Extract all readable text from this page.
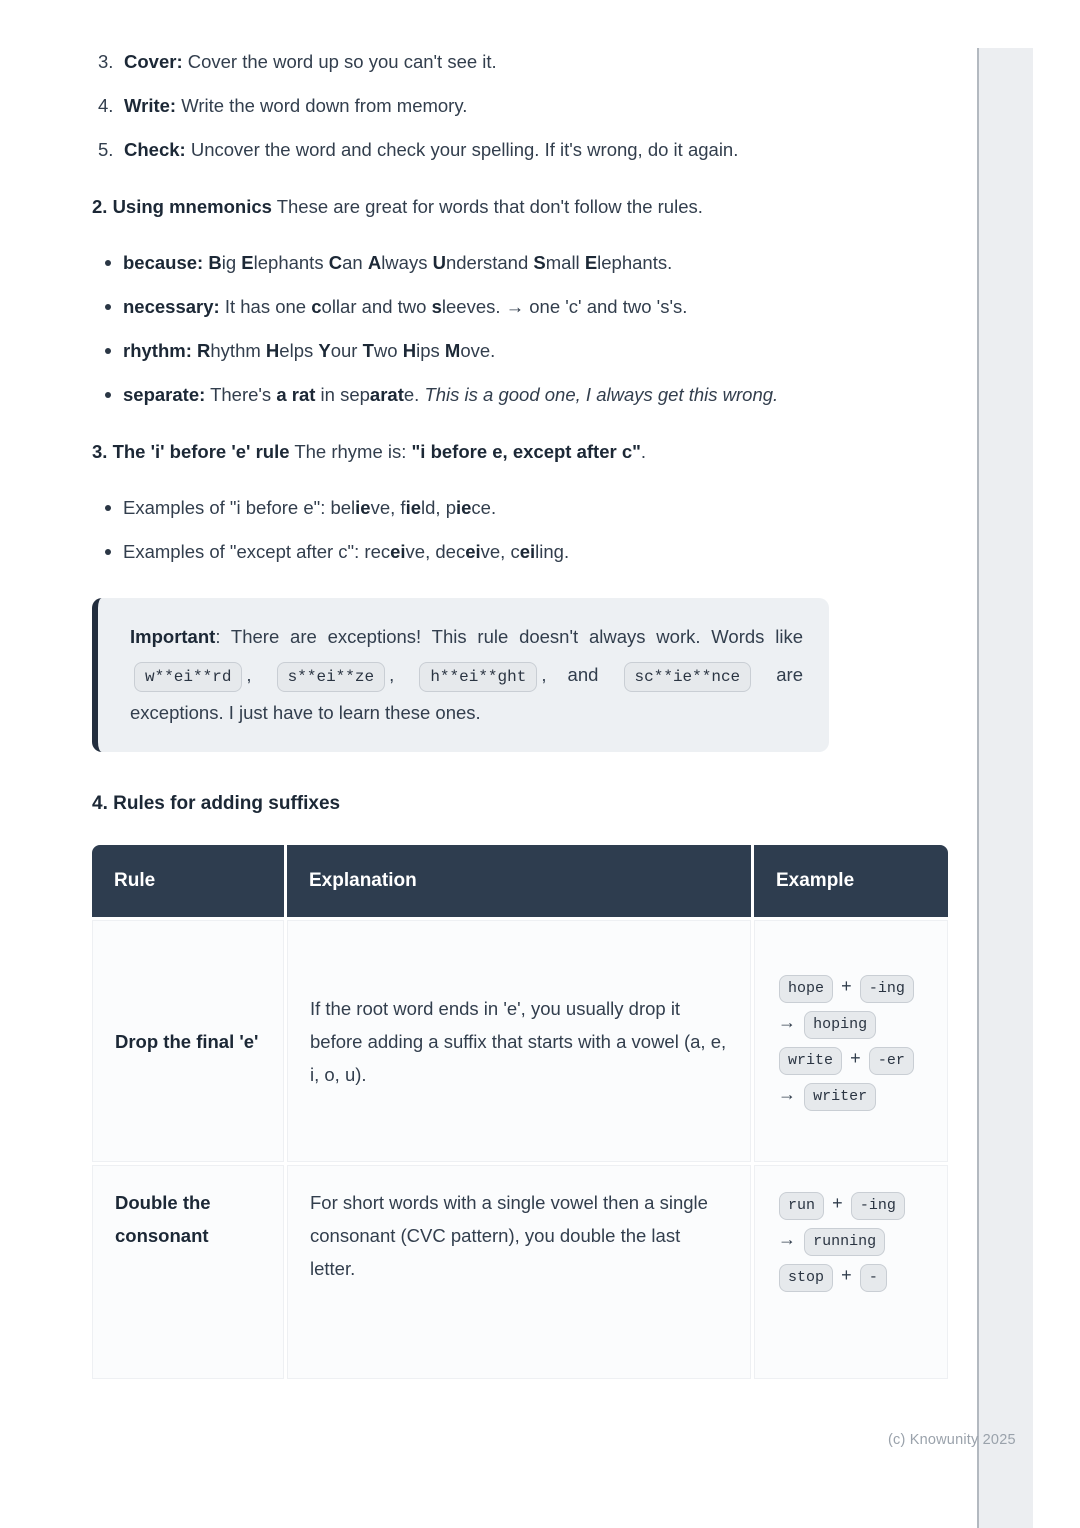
3. Cover: Cover the word up so you can't see it.
4. Write: Write the word down from memory.
5. Check: Uncover the word and check your spelling. If it's wrong, do it again.

2. Using mnemonics These are great for words that don't follow the rules.

because: Big Elephants Can Always Understand Small Elephants.
necessary: It has one collar and two sleeves. → one 'c' and two 's's.
rhythm: Rhythm Helps Your Two Hips Move.
separate: There's a rat in separate. This is a good one, I always get this wrong.

3. The 'i' before 'e' rule The rhyme is: "i before e, except after c".

Examples of "i before e": believe, field, piece.
Examples of "except after c": receive, deceive, ceiling.

Important: There are exceptions! This rule doesn't always work. Words like w**ei**rd , s**ei**ze , h**ei**ght , and sc**ie**nce are exceptions. I just have to learn these ones.

4. Rules for adding suffixes

Rule	Explanation	Example
Drop the final 'e'	If the root word ends in 'e', you usually drop it before adding a suffix that starts with a vowel (a, e, i, o, u).	hope + -ing → hoping write + -er → writer
Double the consonant	For short words with a single vowel then a single consonant (CVC pattern), you double the last letter.	run + -ing → running stop + -
(c) Knowunity 2025
